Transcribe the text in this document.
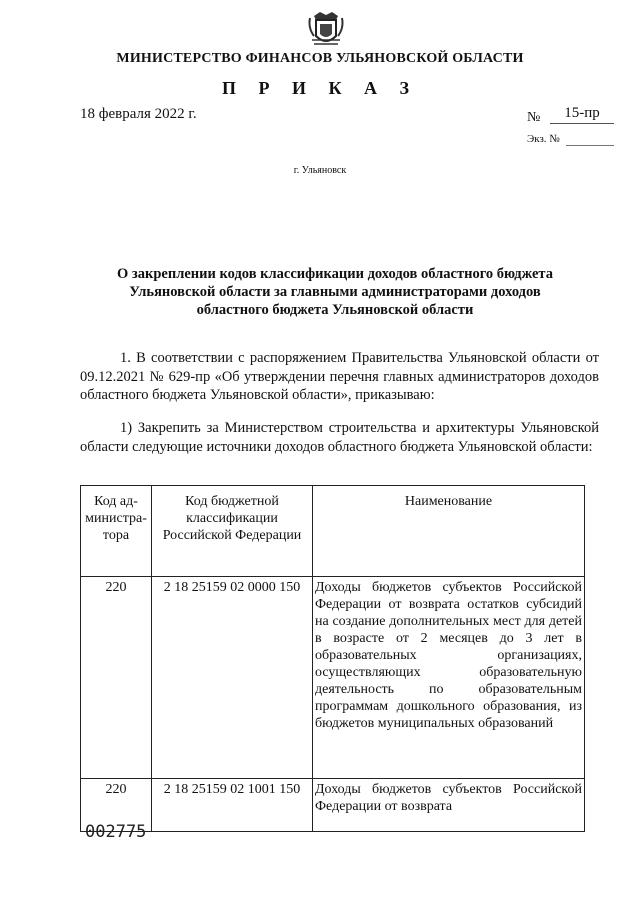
МИНИСТЕРСТВО ФИНАНСОВ УЛЬЯНОВСКОЙ ОБЛАСТИ
П Р И К А З
18 февраля 2022 г.	№	15-пр
Экз. №
г. Ульяновск
О закреплении кодов классификации доходов областного бюджета Ульяновской области за главными администраторами доходов областного бюджета Ульяновской области
1. В соответствии с распоряжением Правительства Ульяновской области от 09.12.2021 № 629-пр «Об утверждении перечня главных администраторов доходов областного бюджета Ульяновской области», приказываю:
1) Закрепить за Министерством строительства и архитектуры Ульяновской области следующие источники доходов областного бюджета Ульяновской области:
Код ад-министра-тора	Код бюджетной классификации Российской Федерации	Наименование
220	2 18 25159 02 0000 150	Доходы бюджетов субъектов Российской Федерации от возврата остатков субсидий на создание дополнительных мест для детей в возрасте от 2 месяцев до 3 лет в образовательных организациях, осуществляющих образовательную деятельность по образовательным программам дошкольного образования, из бюджетов муниципальных образований
220	2 18 25159 02 1001 150	Доходы бюджетов субъектов Российской Федерации от возврата
002775
